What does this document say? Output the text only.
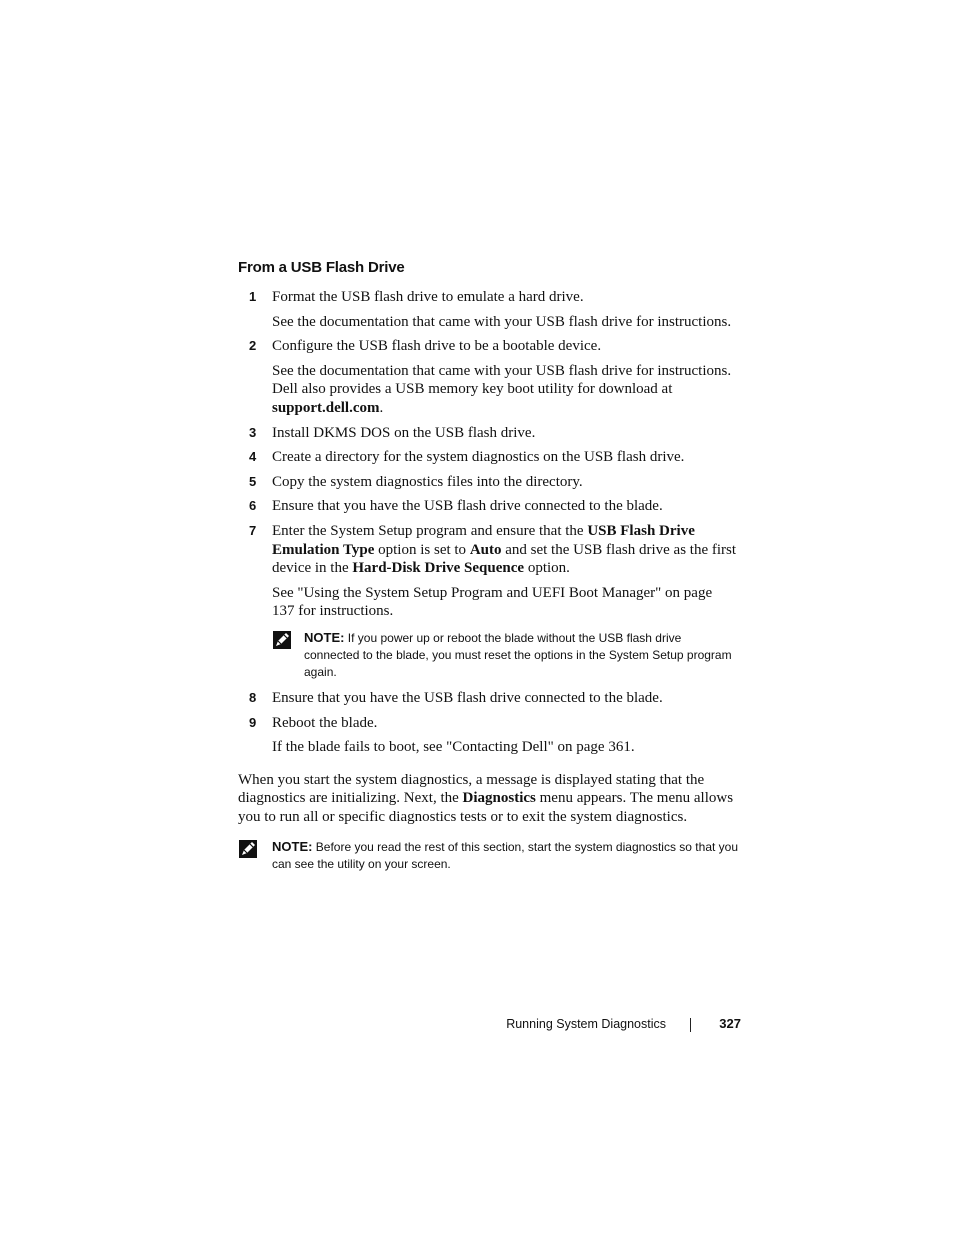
From a USB Flash Drive
1 Format the USB flash drive to emulate a hard drive.
See the documentation that came with your USB flash drive for instructions.
2 Configure the USB flash drive to be a bootable device.
See the documentation that came with your USB flash drive for instructions. Dell also provides a USB memory key boot utility for download at support.dell.com.
3 Install DKMS DOS on the USB flash drive.
4 Create a directory for the system diagnostics on the USB flash drive.
5 Copy the system diagnostics files into the directory.
6 Ensure that you have the USB flash drive connected to the blade.
7 Enter the System Setup program and ensure that the USB Flash Drive Emulation Type option is set to Auto and set the USB flash drive as the first device in the Hard-Disk Drive Sequence option.
See "Using the System Setup Program and UEFI Boot Manager" on page 137 for instructions.
NOTE: If you power up or reboot the blade without the USB flash drive connected to the blade, you must reset the options in the System Setup program again.
8 Ensure that you have the USB flash drive connected to the blade.
9 Reboot the blade.
If the blade fails to boot, see "Contacting Dell" on page 361.
When you start the system diagnostics, a message is displayed stating that the diagnostics are initializing. Next, the Diagnostics menu appears. The menu allows you to run all or specific diagnostics tests or to exit the system diagnostics.
NOTE: Before you read the rest of this section, start the system diagnostics so that you can see the utility on your screen.
Running System Diagnostics	327
